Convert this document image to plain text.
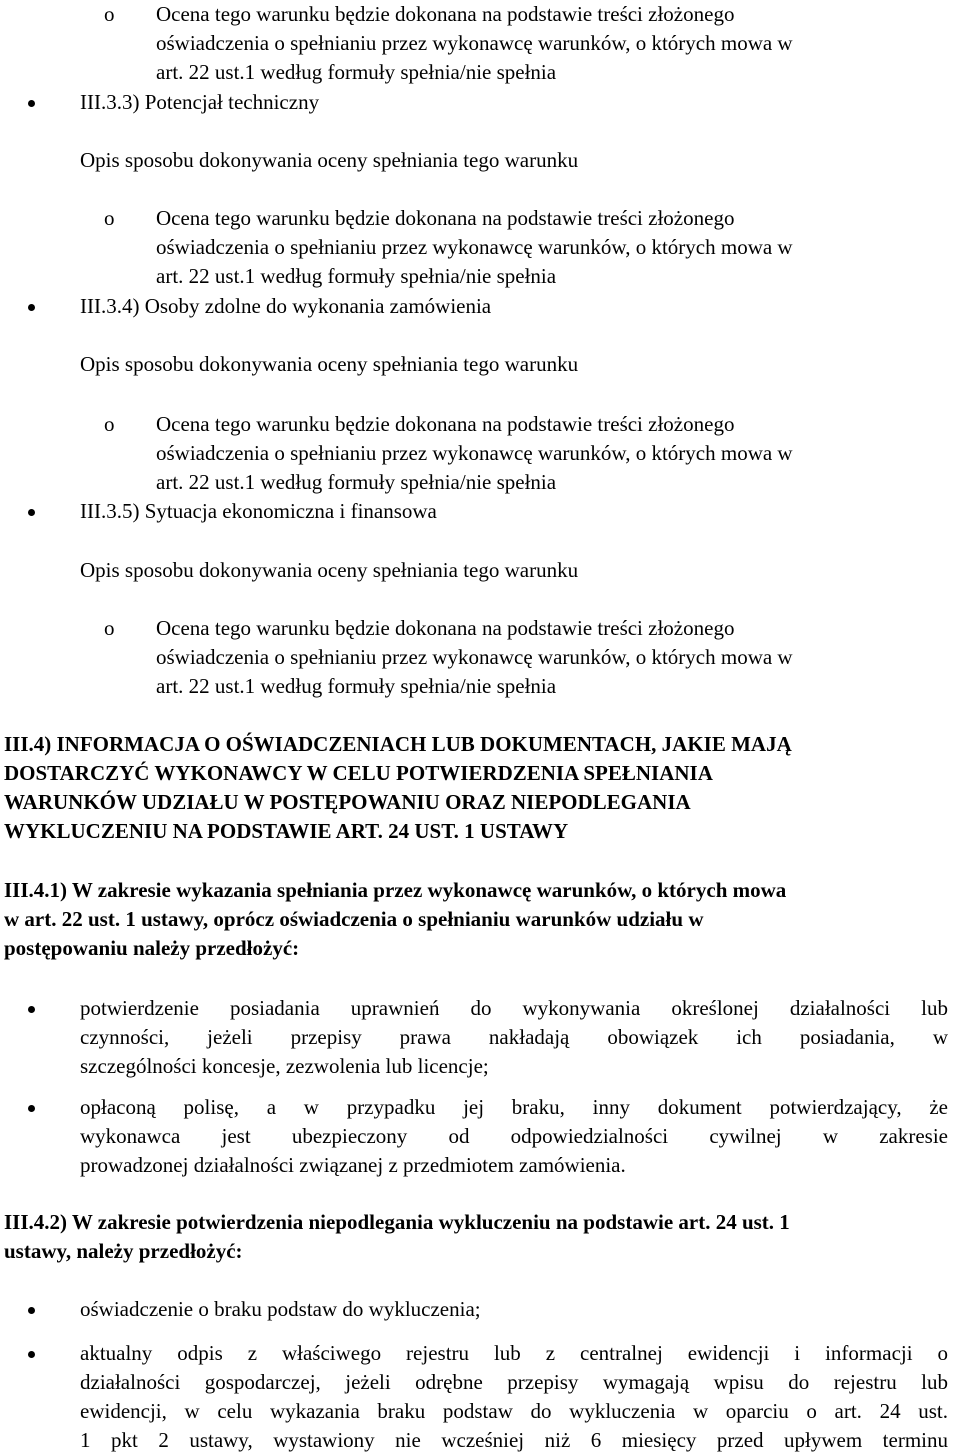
o Ocena tego warunku będzie dokonana na podstawie treści złożonego
oświadczenia o spełnianiu przez wykonawcę warunków, o których mowa w
art. 22 ust.1 według formuły spełnia/nie spełnia
III.3.3) Potencjał techniczny
Opis sposobu dokonywania oceny spełniania tego warunku
o Ocena tego warunku będzie dokonana na podstawie treści złożonego
oświadczenia o spełnianiu przez wykonawcę warunków, o których mowa w
art. 22 ust.1 według formuły spełnia/nie spełnia
III.3.4) Osoby zdolne do wykonania zamówienia
Opis sposobu dokonywania oceny spełniania tego warunku
o Ocena tego warunku będzie dokonana na podstawie treści złożonego
oświadczenia o spełnianiu przez wykonawcę warunków, o których mowa w
art. 22 ust.1 według formuły spełnia/nie spełnia
III.3.5) Sytuacja ekonomiczna i finansowa
Opis sposobu dokonywania oceny spełniania tego warunku
o Ocena tego warunku będzie dokonana na podstawie treści złożonego
oświadczenia o spełnianiu przez wykonawcę warunków, o których mowa w
art. 22 ust.1 według formuły spełnia/nie spełnia
III.4) INFORMACJA O OŚWIADCZENIACH LUB DOKUMENTACH, JAKIE MAJĄ
DOSTARCZYĆ WYKONAWCY W CELU POTWIERDZENIA SPEŁNIANIA
WARUNKÓW UDZIAŁU W POSTĘPOWANIU ORAZ NIEPODLEGANIA
WYKLUCZENIU NA PODSTAWIE ART. 24 UST. 1 USTAWY
III.4.1) W zakresie wykazania spełniania przez wykonawcę warunków, o których mowa
w art. 22 ust. 1 ustawy, oprócz oświadczenia o spełnianiu warunków udziału w
postępowaniu należy przedłożyć:
potwierdzenie posiadania uprawnień do wykonywania określonej działalności lub
czynności, jeżeli przepisy prawa nakładają obowiązek ich posiadania, w
szczególności koncesje, zezwolenia lub licencje;
opłaconą polisę, a w przypadku jej braku, inny dokument potwierdzający, że
wykonawca jest ubezpieczony od odpowiedzialności cywilnej w zakresie
prowadzonej działalności związanej z przedmiotem zamówienia.
III.4.2) W zakresie potwierdzenia niepodlegania wykluczeniu na podstawie art. 24 ust. 1
ustawy, należy przedłożyć:
oświadczenie o braku podstaw do wykluczenia;
aktualny odpis z właściwego rejestru lub z centralnej ewidencji i informacji o
działalności gospodarczej, jeżeli odrębne przepisy wymagają wpisu do rejestru lub
ewidencji, w celu wykazania braku podstaw do wykluczenia w oparciu o art. 24 ust.
1 pkt 2 ustawy, wystawiony nie wcześniej niż 6 miesięcy przed upływem terminu
